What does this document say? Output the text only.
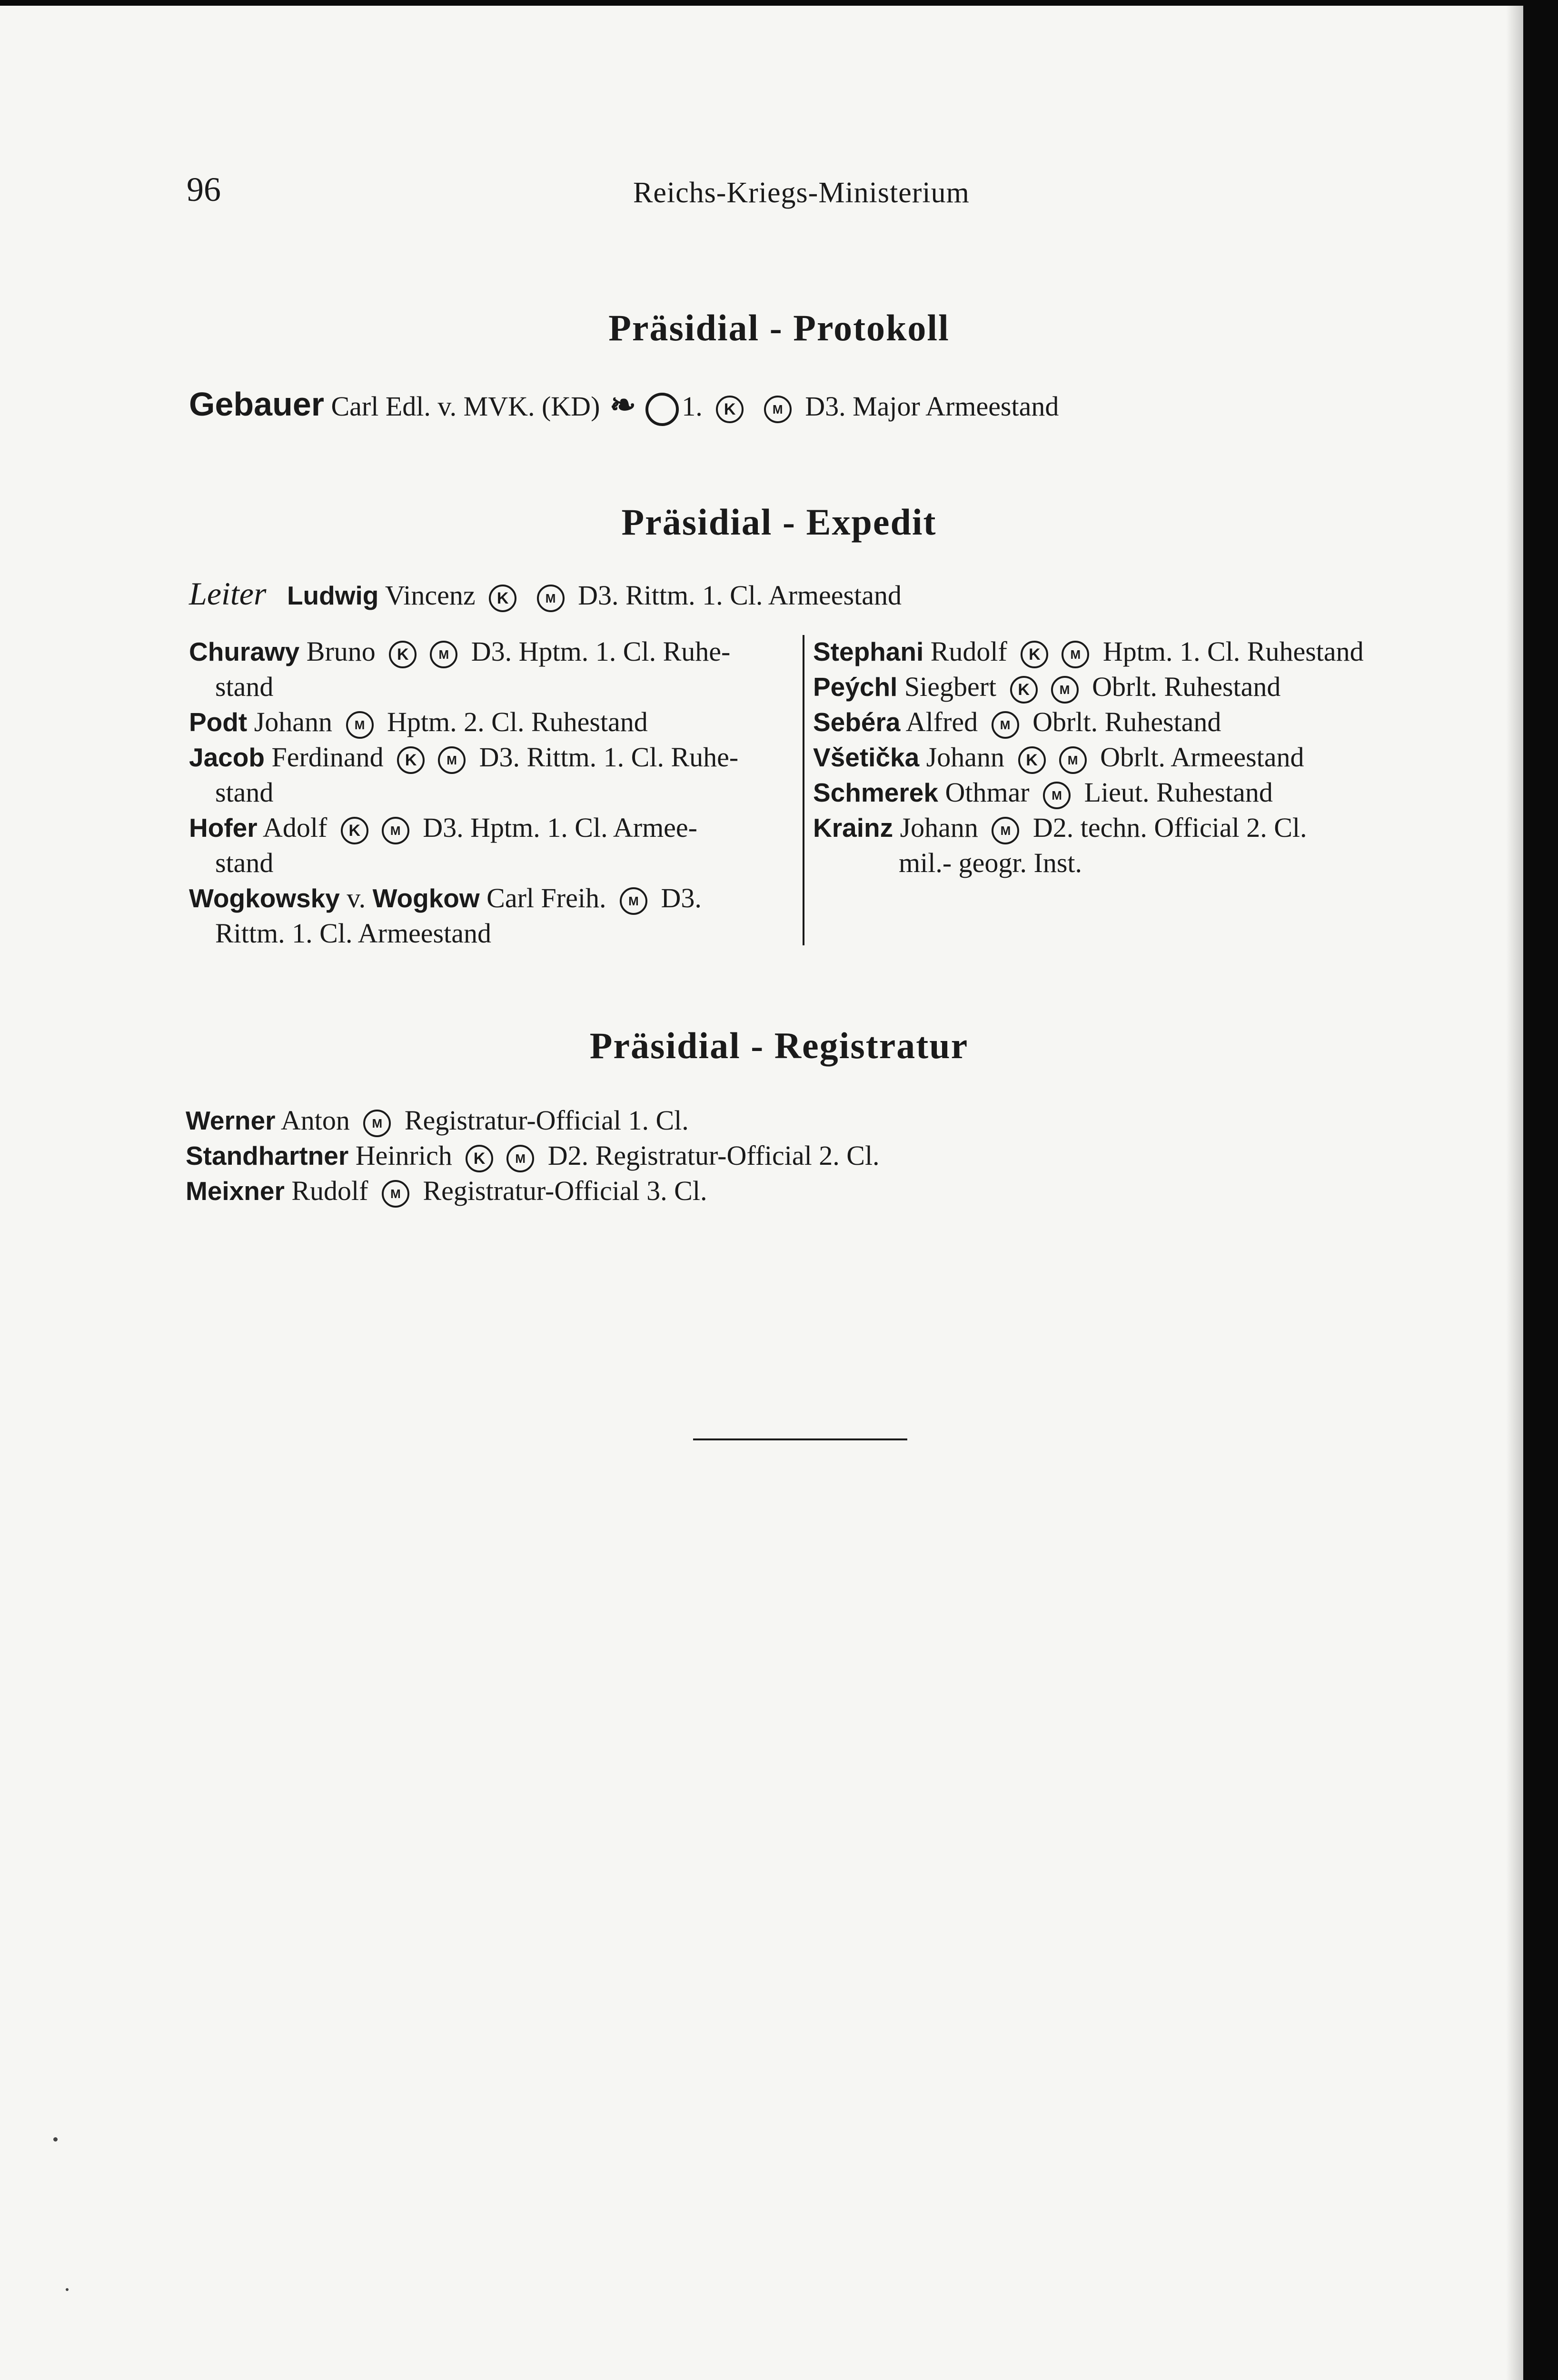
96	Reichs-Kriegs-Ministerium
Präsidial - Protokoll
Gebauer Carl Edl. v. MVK. (KD) ❧ 1. K	M D3. Major Armeestand
Präsidial - Expedit
Leiter Ludwig Vincenz K	M D3. Rittm. 1. Cl. Armeestand
Churawy Bruno K M D3. Hptm. 1. Cl. Ruhe-
stand
Podt Johann M Hptm. 2. Cl. Ruhestand
Jacob Ferdinand K M D3. Rittm. 1. Cl. Ruhe-
stand
Hofer Adolf K M D3. Hptm. 1. Cl. Armee-
stand
Wogkowsky v. Wogkow Carl Freih. M D3.
Rittm. 1. Cl. Armeestand
Stephani Rudolf K M Hptm. 1. Cl. Ruhestand
Peýchl Siegbert K M Obrlt. Ruhestand
Sebéra Alfred M Obrlt. Ruhestand
Všetička Johann K M Obrlt. Armeestand
Schmerek Othmar M Lieut. Ruhestand
Krainz Johann M D2. techn. Official 2. Cl.
mil.- geogr. Inst.
Präsidial - Registratur
Werner Anton M Registratur-Official 1. Cl.
Standhartner Heinrich K M D2. Registratur-Official 2. Cl.
Meixner Rudolf M Registratur-Official 3. Cl.
